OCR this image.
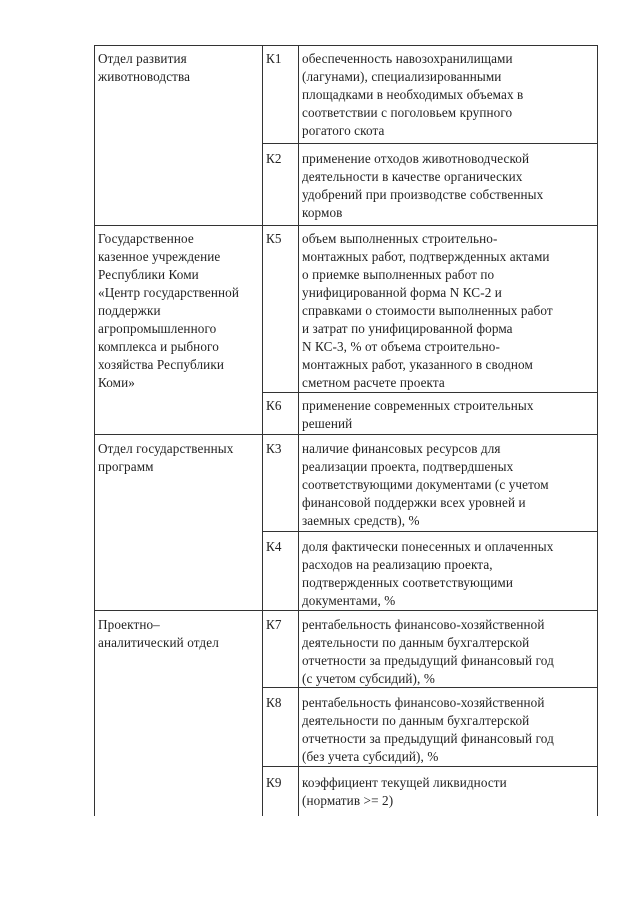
Отдел развития
животноводства
К1	обеспеченность навозохранилищами
(лагунами), специализированными
площадками в необходимых объемах в
соответствии с поголовьем крупного
рогатого скота
К2	применение отходов животноводческой
деятельности в качестве органических
удобрений при производстве собственных
кормов
Государственное
казенное учреждение
Республики Коми
«Центр государственной
поддержки
агропромышленного
комплекса и рыбного
хозяйства Республики
Коми»
К5	объем выполненных строительно-
монтажных работ, подтвержденных актами
о приемке выполненных работ по
унифицированной форма N КС-2 и
справками о стоимости выполненных работ
и затрат по унифицированной форма
N КС-3, % от объема строительно-
монтажных работ, указанного в сводном
сметном расчете проекта
К6	применение современных строительных
решений
Отдел государственных
программ
К3	наличие финансовых ресурсов для
реализации проекта, подтвердшеных
соответствующими документами (с учетом
финансовой поддержки всех уровней и
заемных средств), %
К4	доля фактически понесенных и оплаченных
расходов на реализацию проекта,
подтвержденных соответствующими
документами, %
Проектно–
аналитический отдел
К7	рентабельность финансово-хозяйственной
деятельности по данным бухгалтерской
отчетности за предыдущий финансовый год
(с учетом субсидий), %
К8	рентабельность финансово-хозяйственной
деятельности по данным бухгалтерской
отчетности за предыдущий финансовый год
(без учета субсидий), %
К9	коэффициент текущей ликвидности
(норматив >= 2)
